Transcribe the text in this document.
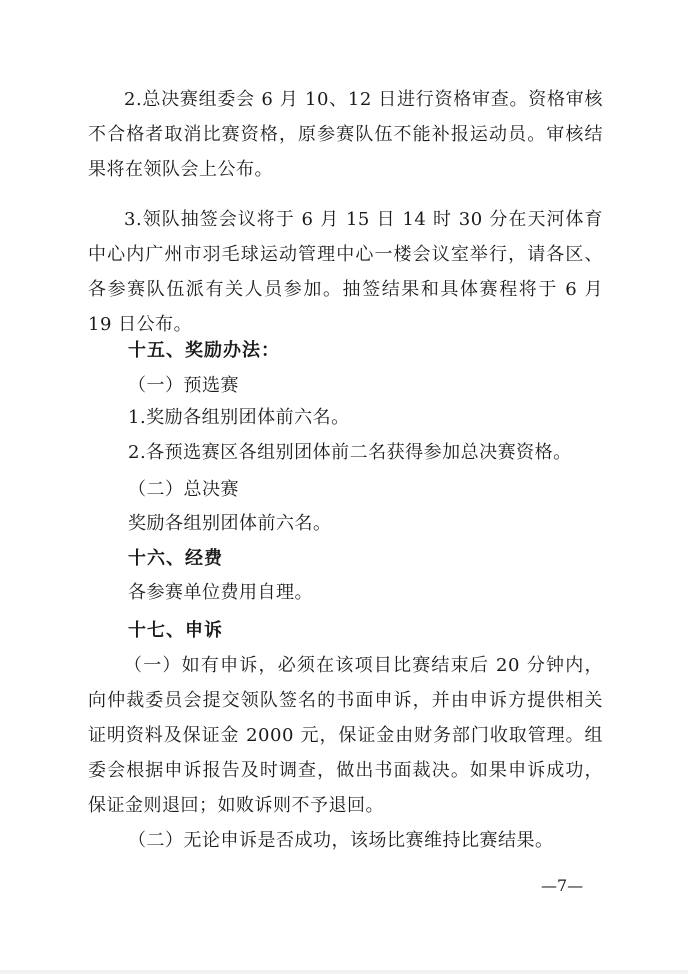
2.总决赛组委会 6 月 10、12 日进行资格审查。资格审核不合格者取消比赛资格，原参赛队伍不能补报运动员。审核结果将在领队会上公布。

3.领队抽签会议将于 6 月 15 日 14 时 30 分在天河体育中心内广州市羽毛球运动管理中心一楼会议室举行，请各区、各参赛队伍派有关人员参加。抽签结果和具体赛程将于 6 月 19 日公布。

十五、奖励办法：

（一）预选赛

1.奖励各组别团体前六名。

2.各预选赛区各组别团体前二名获得参加总决赛资格。

（二）总决赛

奖励各组别团体前六名。

十六、经费

各参赛单位费用自理。

十七、申诉

（一）如有申诉，必须在该项目比赛结束后 20 分钟内，向仲裁委员会提交领队签名的书面申诉，并由申诉方提供相关证明资料及保证金 2000 元，保证金由财务部门收取管理。组委会根据申诉报告及时调查，做出书面裁决。如果申诉成功，保证金则退回；如败诉则不予退回。

（二）无论申诉是否成功，该场比赛维持比赛结果。

—7—
